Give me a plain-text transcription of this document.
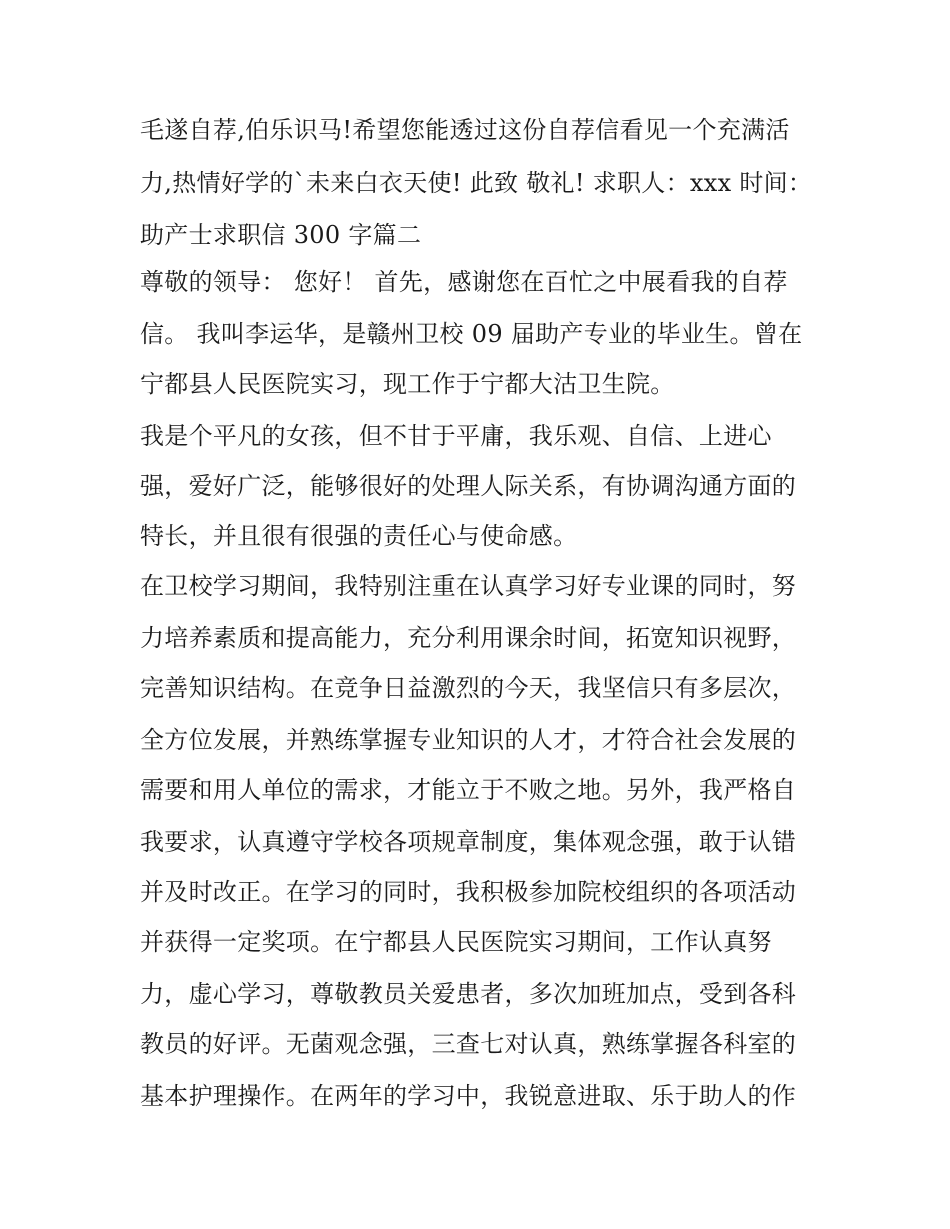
毛遂自荐,伯乐识马!希望您能透过这份自荐信看见一个充满活
力,热情好学的`未来白衣天使! 此致 敬礼! 求职人：xxx 时间：
助产士求职信 300 字篇二
尊敬的领导： 您好！ 首先，感谢您在百忙之中展看我的自荐
信。 我叫李运华，是赣州卫校 09 届助产专业的毕业生。曾在
宁都县人民医院实习，现工作于宁都大沽卫生院。
我是个平凡的女孩，但不甘于平庸，我乐观、自信、上进心
强，爱好广泛，能够很好的处理人际关系，有协调沟通方面的
特长，并且很有很强的责任心与使命感。
在卫校学习期间，我特别注重在认真学习好专业课的同时，努
力培养素质和提高能力，充分利用课余时间，拓宽知识视野，
完善知识结构。在竞争日益激烈的今天，我坚信只有多层次，
全方位发展，并熟练掌握专业知识的人才，才符合社会发展的
需要和用人单位的需求，才能立于不败之地。另外，我严格自
我要求，认真遵守学校各项规章制度，集体观念强，敢于认错
并及时改正。在学习的同时，我积极参加院校组织的各项活动
并获得一定奖项。在宁都县人民医院实习期间，工作认真努
力，虚心学习，尊敬教员关爱患者，多次加班加点，受到各科
教员的好评。无菌观念强，三查七对认真，熟练掌握各科室的
基本护理操作。在两年的学习中，我锐意进取、乐于助人的作
